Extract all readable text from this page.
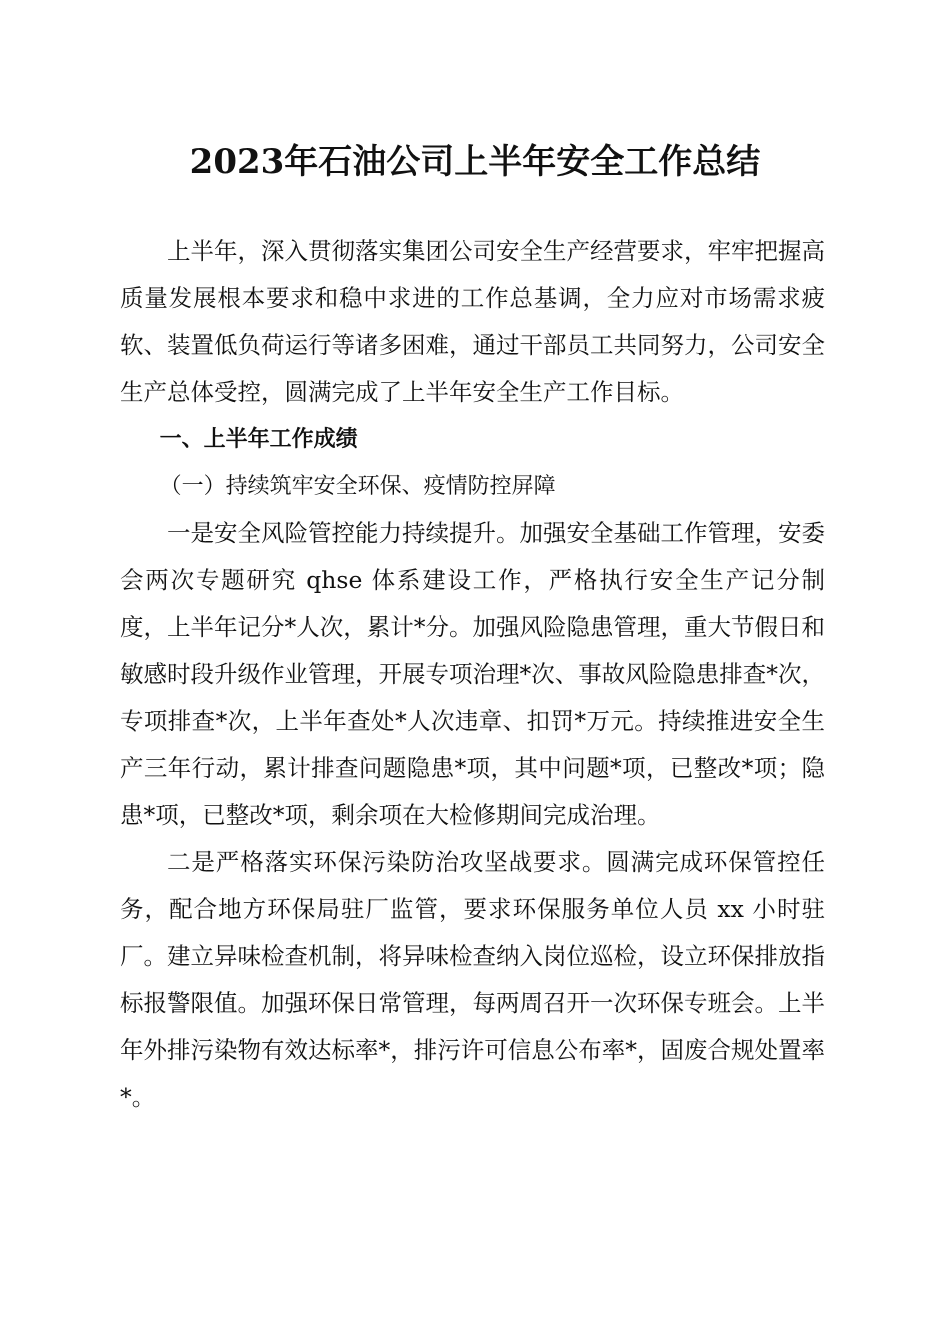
2023年石油公司上半年安全工作总结

上半年，深入贯彻落实集团公司安全生产经营要求，牢牢把握高质量发展根本要求和稳中求进的工作总基调，全力应对市场需求疲软、装置低负荷运行等诸多困难，通过干部员工共同努力，公司安全生产总体受控，圆满完成了上半年安全生产工作目标。

一、上半年工作成绩

（一）持续筑牢安全环保、疫情防控屏障

一是安全风险管控能力持续提升。加强安全基础工作管理，安委会两次专题研究 qhse 体系建设工作，严格执行安全生产记分制度，上半年记分*人次，累计*分。加强风险隐患管理，重大节假日和敏感时段升级作业管理，开展专项治理*次、事故风险隐患排查*次，专项排查*次，上半年查处*人次违章、扣罚*万元。持续推进安全生产三年行动，累计排查问题隐患*项，其中问题*项，已整改*项；隐患*项，已整改*项，剩余项在大检修期间完成治理。

二是严格落实环保污染防治攻坚战要求。圆满完成环保管控任务，配合地方环保局驻厂监管，要求环保服务单位人员 xx 小时驻厂。建立异味检查机制，将异味检查纳入岗位巡检，设立环保排放指标报警限值。加强环保日常管理，每两周召开一次环保专班会。上半年外排污染物有效达标率*，排污许可信息公布率*，固废合规处置率*。
